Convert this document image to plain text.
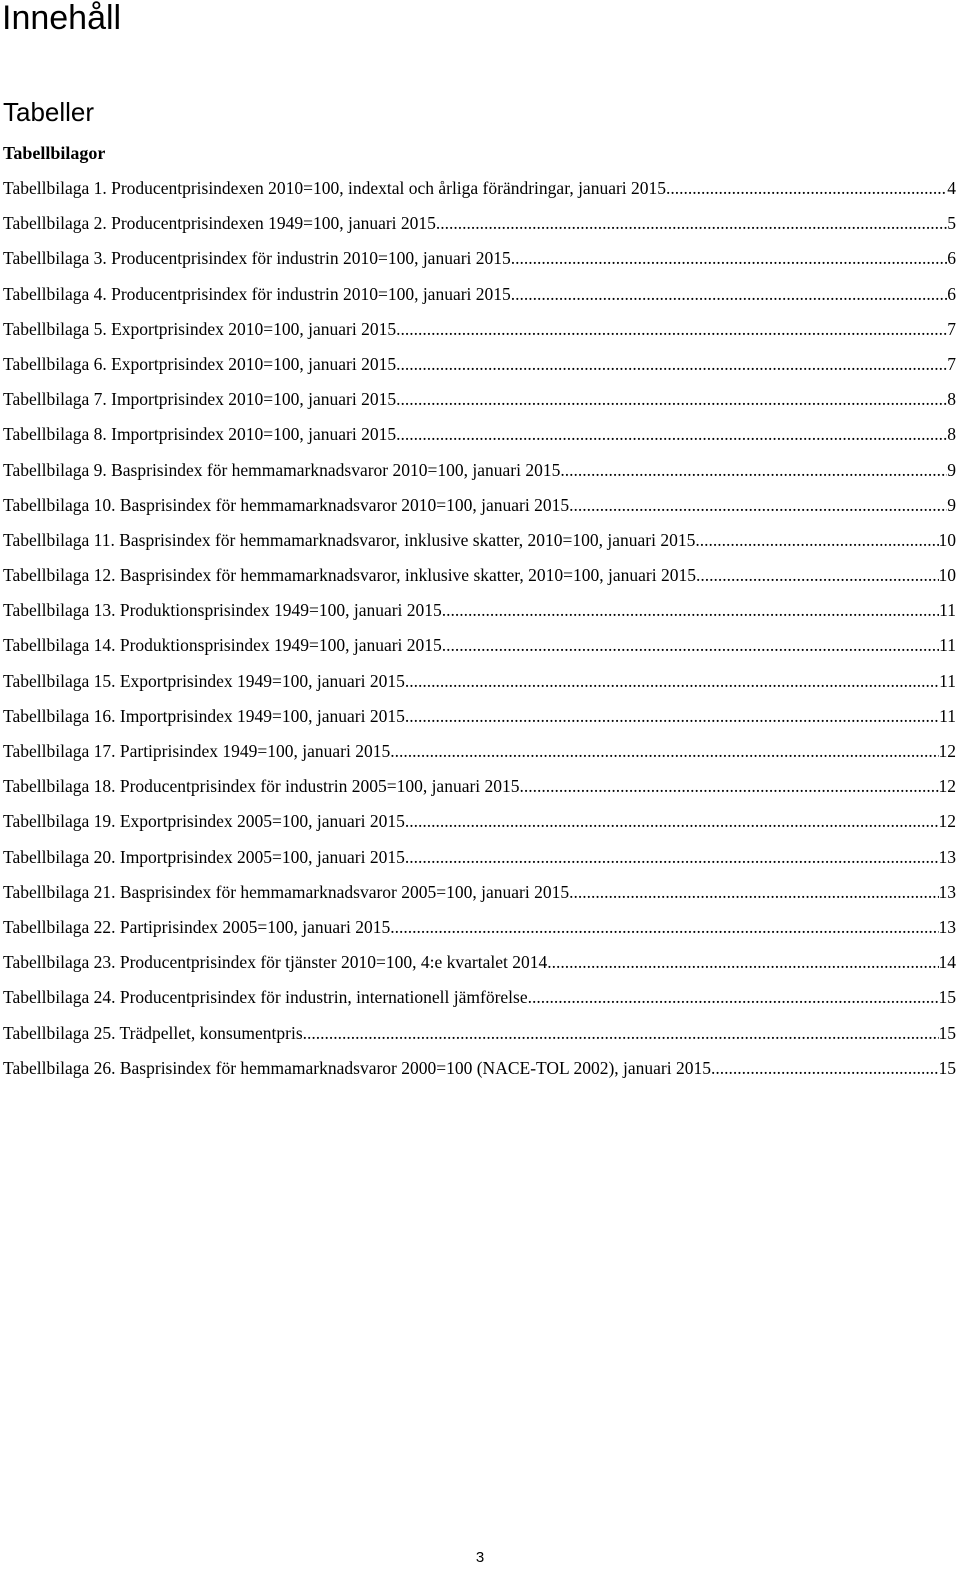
Innehåll
Tabeller
Tabellbilagor
Tabellbilaga 1. Producentprisindexen 2010=100, indextal och årliga förändringar, januari 2015 .....	4
Tabellbilaga 2. Producentprisindexen 1949=100, januari 2015 .....	5
Tabellbilaga 3. Producentprisindex för industrin 2010=100, januari 2015 .....	6
Tabellbilaga 4. Producentprisindex för industrin 2010=100, januari 2015 .....	6
Tabellbilaga 5. Exportprisindex 2010=100, januari 2015 .....	7
Tabellbilaga 6. Exportprisindex 2010=100, januari 2015 .....	7
Tabellbilaga 7. Importprisindex 2010=100, januari 2015 .....	8
Tabellbilaga 8. Importprisindex 2010=100, januari 2015 .....	8
Tabellbilaga 9. Basprisindex för hemmamarknadsvaror 2010=100, januari 2015 .....	9
Tabellbilaga 10. Basprisindex för hemmamarknadsvaror 2010=100, januari 2015 .....	9
Tabellbilaga 11. Basprisindex för hemmamarknadsvaror, inklusive skatter, 2010=100, januari 2015 .....	10
Tabellbilaga 12. Basprisindex för hemmamarknadsvaror, inklusive skatter, 2010=100, januari 2015 .....	10
Tabellbilaga 13. Produktionsprisindex 1949=100, januari 2015 .....	11
Tabellbilaga 14. Produktionsprisindex 1949=100, januari 2015 .....	11
Tabellbilaga 15. Exportprisindex 1949=100, januari 2015 .....	11
Tabellbilaga 16. Importprisindex 1949=100, januari 2015 .....	11
Tabellbilaga 17. Partiprisindex 1949=100, januari 2015 .....	12
Tabellbilaga 18. Producentprisindex för industrin 2005=100, januari 2015 .....	12
Tabellbilaga 19. Exportprisindex 2005=100, januari 2015 .....	12
Tabellbilaga 20. Importprisindex 2005=100, januari 2015 .....	13
Tabellbilaga 21. Basprisindex för hemmamarknadsvaror 2005=100, januari 2015 .....	13
Tabellbilaga 22. Partiprisindex 2005=100, januari 2015 .....	13
Tabellbilaga 23. Producentprisindex för tjänster 2010=100, 4:e kvartalet 2014 .....	14
Tabellbilaga 24. Producentprisindex för industrin, internationell jämförelse .....	15
Tabellbilaga 25. Trädpellet, konsumentpris .....	15
Tabellbilaga 26. Basprisindex för hemmamarknadsvaror 2000=100 (NACE-TOL 2002), januari 2015 .....	15
3
